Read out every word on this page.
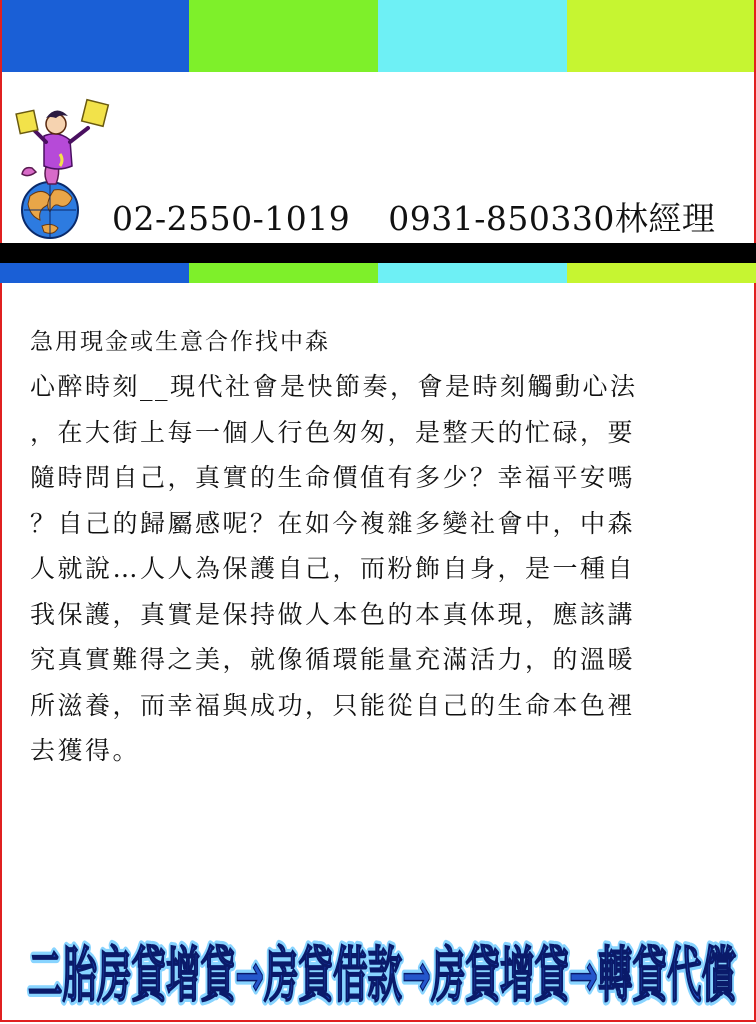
02-2550-1019 0931-850330林經理
急用現金或生意合作找中森
心醉時刻__現代社會是快節奏，會是時刻觸動心法
，在大街上每一個人行色匆匆，是整天的忙碌，要
隨時問自己，真實的生命價值有多少？幸福平安嗎
？自己的歸屬感呢？在如今複雜多變社會中，中森
人就說…人人為保護自己，而粉飾自身，是一種自
我保護，真實是保持做人本色的本真体現，應該講
究真實難得之美，就像循環能量充滿活力，的溫暖
所滋養，而幸福與成功，只能從自己的生命本色裡
去獲得。
二胎房貸增貸→房貸借款→房貸增貸→轉貸代償
二胎房貸增貸→房貸借款→房貸增貸→轉貸代償
